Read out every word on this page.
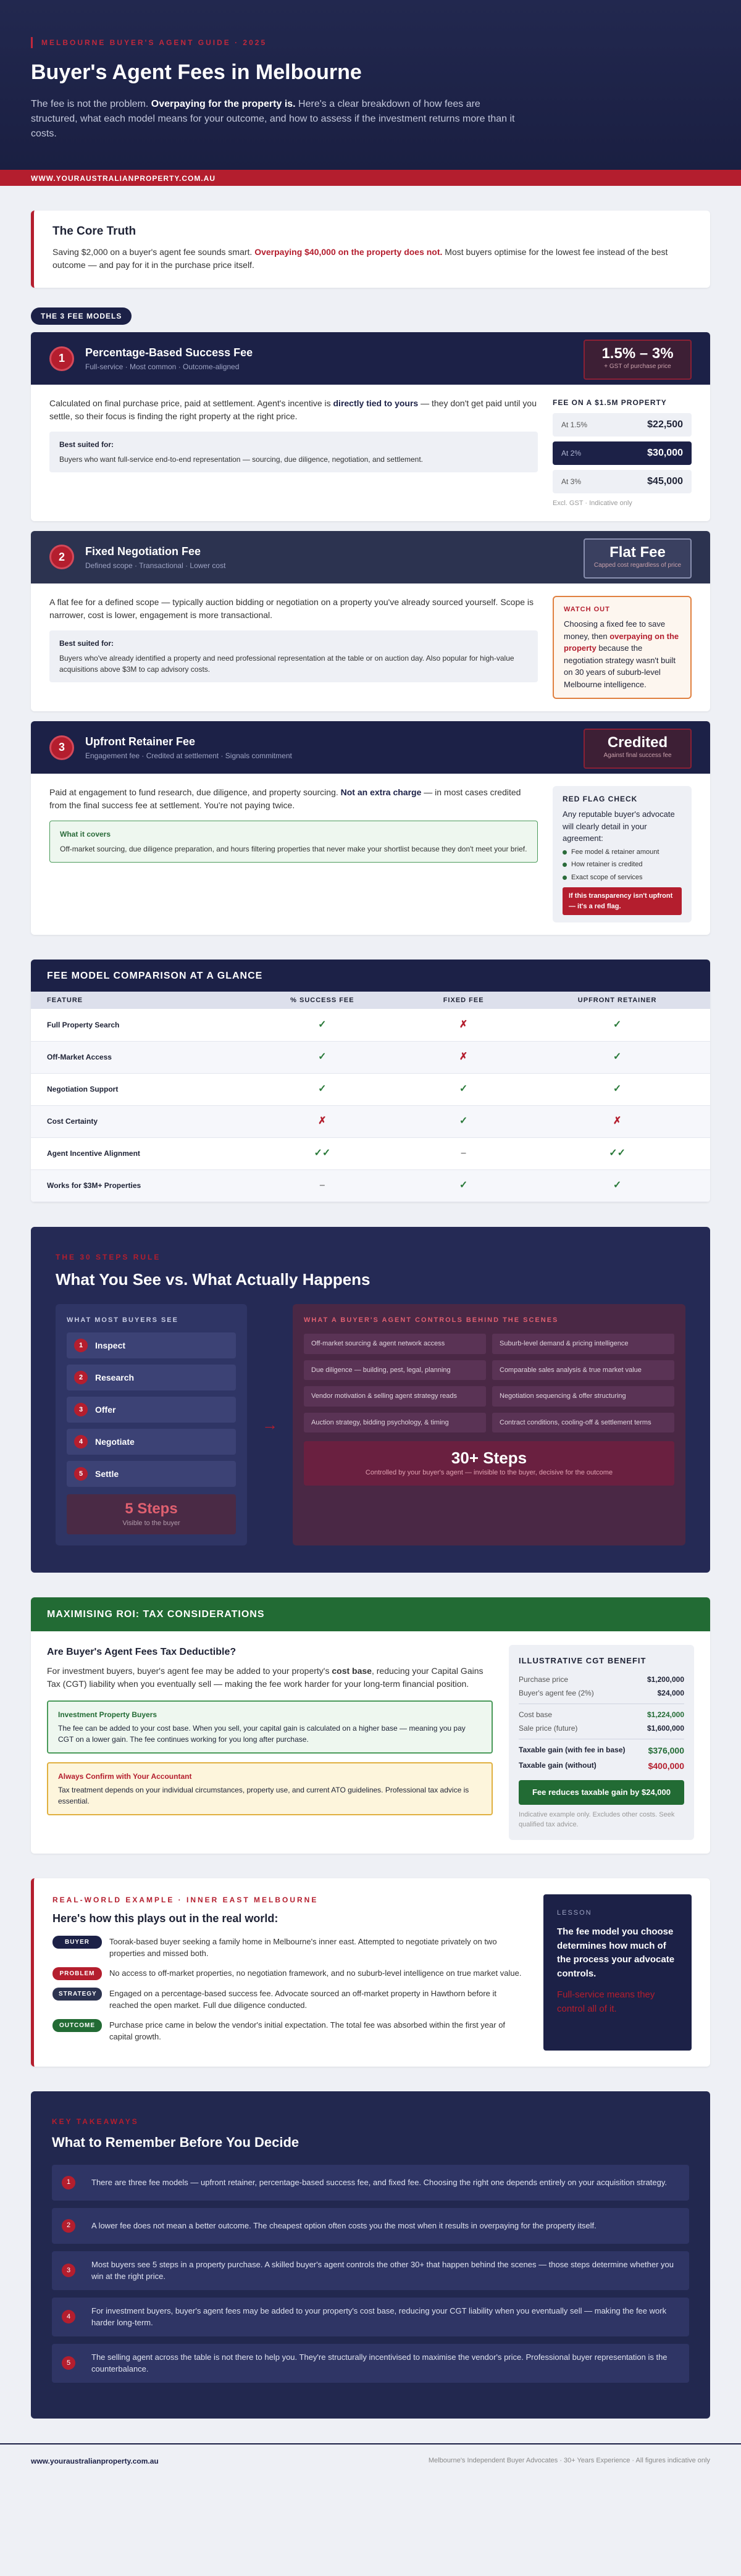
MELBOURNE BUYER'S AGENT GUIDE · 2025
Buyer's Agent Fees in Melbourne

The fee is not the problem. Overpaying for the property is. Here's a clear breakdown of how fees are structured, what each model means for your outcome, and how to assess if the investment returns more than it costs.

WWW.YOURAUSTRALIANPROPERTY.COM.AU
The Core Truth

Saving $2,000 on a buyer's agent fee sounds smart. Overpaying $40,000 on the property does not. Most buyers optimise for the lowest fee instead of the best outcome — and pay for it in the purchase price itself.

THE 3 FEE MODELS
1	Percentage-Based Success Fee
Full-service · Most common · Outcome-aligned
1.5% – 3%
+ GST of purchase price

Calculated on final purchase price, paid at settlement. Agent's incentive is directly tied to yours — they don't get paid until you settle, so their focus is finding the right property at the right price.

Best suited for:
Buyers who want full-service end-to-end representation — sourcing, due diligence, negotiation, and settlement.
FEE ON A $1.5M PROPERTY
At 1.5%	$22,500
At 2%	$30,000
At 3%	$45,000
Excl. GST · Indicative only
2	Fixed Negotiation Fee
Defined scope · Transactional · Lower cost
Flat Fee
Capped cost regardless of price

A flat fee for a defined scope — typically auction bidding or negotiation on a property you've already sourced yourself. Scope is narrower, cost is lower, engagement is more transactional.

Best suited for:
Buyers who've already identified a property and need professional representation at the table or on auction day. Also popular for high-value acquisitions above $3M to cap advisory costs.
WATCH OUT
Choosing a fixed fee to save money, then overpaying on the property because the negotiation strategy wasn't built on 30 years of suburb-level Melbourne intelligence.
3	Upfront Retainer Fee
Engagement fee · Credited at settlement · Signals commitment
Credited
Against final success fee

Paid at engagement to fund research, due diligence, and property sourcing. Not an extra charge — in most cases credited from the final success fee at settlement. You're not paying twice.

What it covers
Off-market sourcing, due diligence preparation, and hours filtering properties that never make your shortlist because they don't meet your brief.
RED FLAG CHECK
Any reputable buyer's advocate will clearly detail in your agreement:
Fee model & retainer amount
How retainer is credited
Exact scope of services
If this transparency isn't upfront — it's a red flag.
FEE MODEL COMPARISON AT A GLANCE
FEATURE	% SUCCESS FEE	FIXED FEE	UPFRONT RETAINER
Full Property Search	✓	✗	✓
Off-Market Access	✓	✗	✓
Negotiation Support	✓	✓	✓
Cost Certainty	✗	✓	✗
Agent Incentive Alignment	✓✓	–	✓✓
Works for $3M+ Properties	–	✓	✓
THE 30 STEPS RULE
What You See vs. What Actually Happens
WHAT MOST BUYERS SEE
1	Inspect
2	Research
3	Offer
4	Negotiate
5	Settle
5 Steps
Visible to the buyer
→
WHAT A BUYER'S AGENT CONTROLS BEHIND THE SCENES
Off-market sourcing & agent network access	Suburb-level demand & pricing intelligence
Due diligence — building, pest, legal, planning	Comparable sales analysis & true market value
Vendor motivation & selling agent strategy reads	Negotiation sequencing & offer structuring
Auction strategy, bidding psychology, & timing	Contract conditions, cooling-off & settlement terms
30+ Steps
Controlled by your buyer's agent — invisible to the buyer, decisive for the outcome
MAXIMISING ROI: TAX CONSIDERATIONS
Are Buyer's Agent Fees Tax Deductible?

For investment buyers, buyer's agent fee may be added to your property's cost base, reducing your Capital Gains Tax (CGT) liability when you eventually sell — making the fee work harder for your long-term financial position.

Investment Property Buyers
The fee can be added to your cost base. When you sell, your capital gain is calculated on a higher base — meaning you pay CGT on a lower gain. The fee continues working for you long after purchase.
Always Confirm with Your Accountant
Tax treatment depends on your individual circumstances, property use, and current ATO guidelines. Professional tax advice is essential.
ILLUSTRATIVE CGT BENEFIT
Purchase price	$1,200,000
Buyer's agent fee (2%)	$24,000
Cost base	$1,224,000
Sale price (future)	$1,600,000
Taxable gain (with fee in base)	$376,000
Taxable gain (without)	$400,000
Fee reduces taxable gain by $24,000
Indicative example only. Excludes other costs. Seek qualified tax advice.
REAL-WORLD EXAMPLE · INNER EAST MELBOURNE
Here's how this plays out in the real world:
BUYER	Toorak-based buyer seeking a family home in Melbourne's inner east. Attempted to negotiate privately on two properties and missed both.
PROBLEM	No access to off-market properties, no negotiation framework, and no suburb-level intelligence on true market value.
STRATEGY	Engaged on a percentage-based success fee. Advocate sourced an off-market property in Hawthorn before it reached the open market. Full due diligence conducted.
OUTCOME	Purchase price came in below the vendor's initial expectation. The total fee was absorbed within the first year of capital growth.
LESSON
The fee model you choose determines how much of the process your advocate controls.
Full-service means they control all of it.
KEY TAKEAWAYS
What to Remember Before You Decide
1	There are three fee models — upfront retainer, percentage-based success fee, and fixed fee. Choosing the right one depends entirely on your acquisition strategy.
2	A lower fee does not mean a better outcome. The cheapest option often costs you the most when it results in overpaying for the property itself.
3
Most buyers see 5 steps in a property purchase. A skilled buyer's agent controls the other 30+ that happen behind the scenes — those steps determine whether you win at the right price.
4
For investment buyers, buyer's agent fees may be added to your property's cost base, reducing your CGT liability when you eventually sell — making the fee work harder long-term.
5
The selling agent across the table is not there to help you. They're structurally incentivised to maximise the vendor's price. Professional buyer representation is the counterbalance.
www.youraustralianproperty.com.au	Melbourne's Independent Buyer Advocates · 30+ Years Experience · All figures indicative only
